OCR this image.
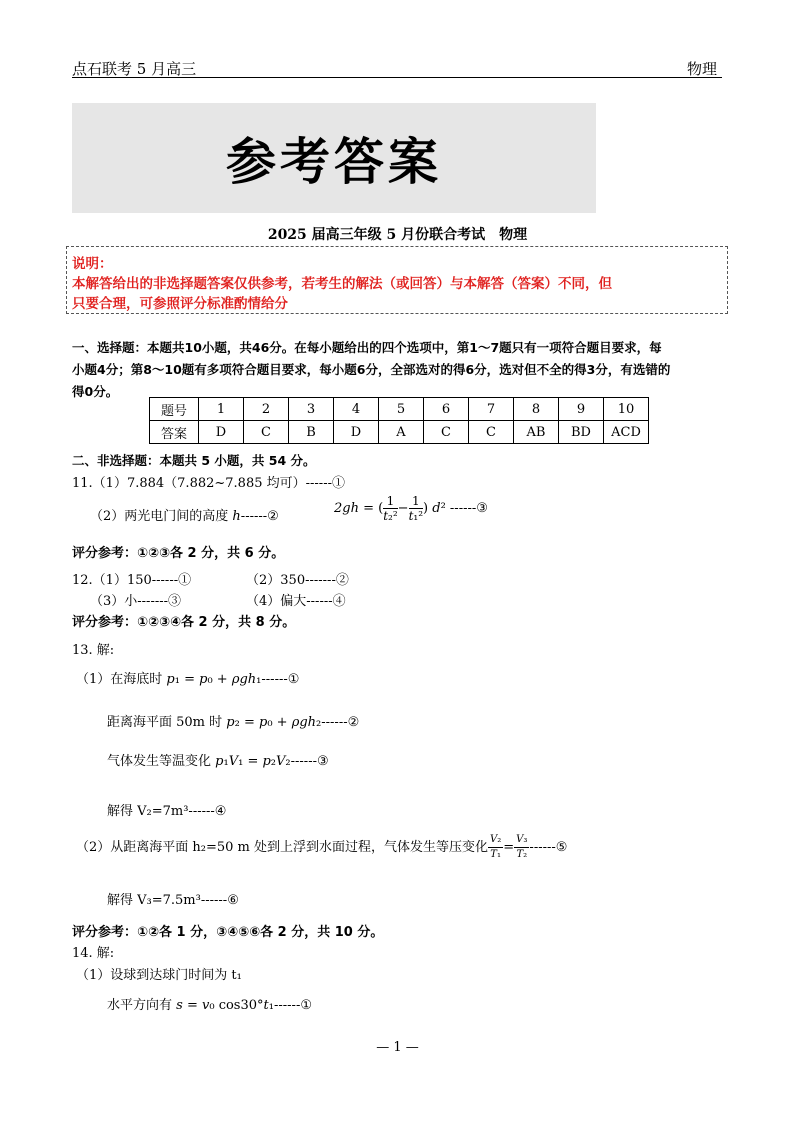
点石联考 5 月高三	物理
参考答案
2025 届高三年级 5 月份联合考试　物理
说明：
本解答给出的非选择题答案仅供参考，若考生的解法（或回答）与本解答（答案）不同，但
只要合理，可参照评分标准酌情给分
一、选择题：本题共10小题，共46分。在每小题给出的四个选项中，第1～7题只有一项符合题目要求，每
小题4分；第8～10题有多项符合题目要求，每小题6分，全部选对的得6分，选对但不全的得3分，有选错的
得0分。
题号	1	2	3	4	5	6	7	8	9	10
答案	D	C	B	D	A	C	C	AB	BD	ACD
二、非选择题：本题共 5 小题，共 54 分。
11.（1）7.884（7.882~7.885 均可）------①
（2）两光电门间的高度 h------②
2gh = ( $\frac{1}{\text{t₂²}} - \frac{1}{\text{t₁²}}$ ) d² ------③
评分参考：①②③各 2 分，共 6 分。
12.（1）150------①	（2）350-------②
（3）小-------③	（4）偏大------④
评分参考：①②③④各 2 分，共 8 分。
13. 解:
（1）在海底时 p₁ = p₀ + ρgh₁------①
距离海平面 50m 时 p₂ = p₀ + ρgh₂------②
气体发生等温变化 p₁V₁ = p₂V₂------③
解得 V₂=7m³------④
（2）从距离海平面 h₂=50 m 处到上浮到水面过程，气体发生等压变化 $\frac{\text{V₂}}{\text{T₁}} = \frac{\text{V₃}}{\text{T₂}}$ ------⑤
解得 V₃=7.5m³------⑥
评分参考：①②各 1 分，③④⑤⑥各 2 分，共 10 分。
14. 解:
（1）设球到达球门时间为 t₁
水平方向有 s = v₀ cos30°t₁------①
— 1 —
